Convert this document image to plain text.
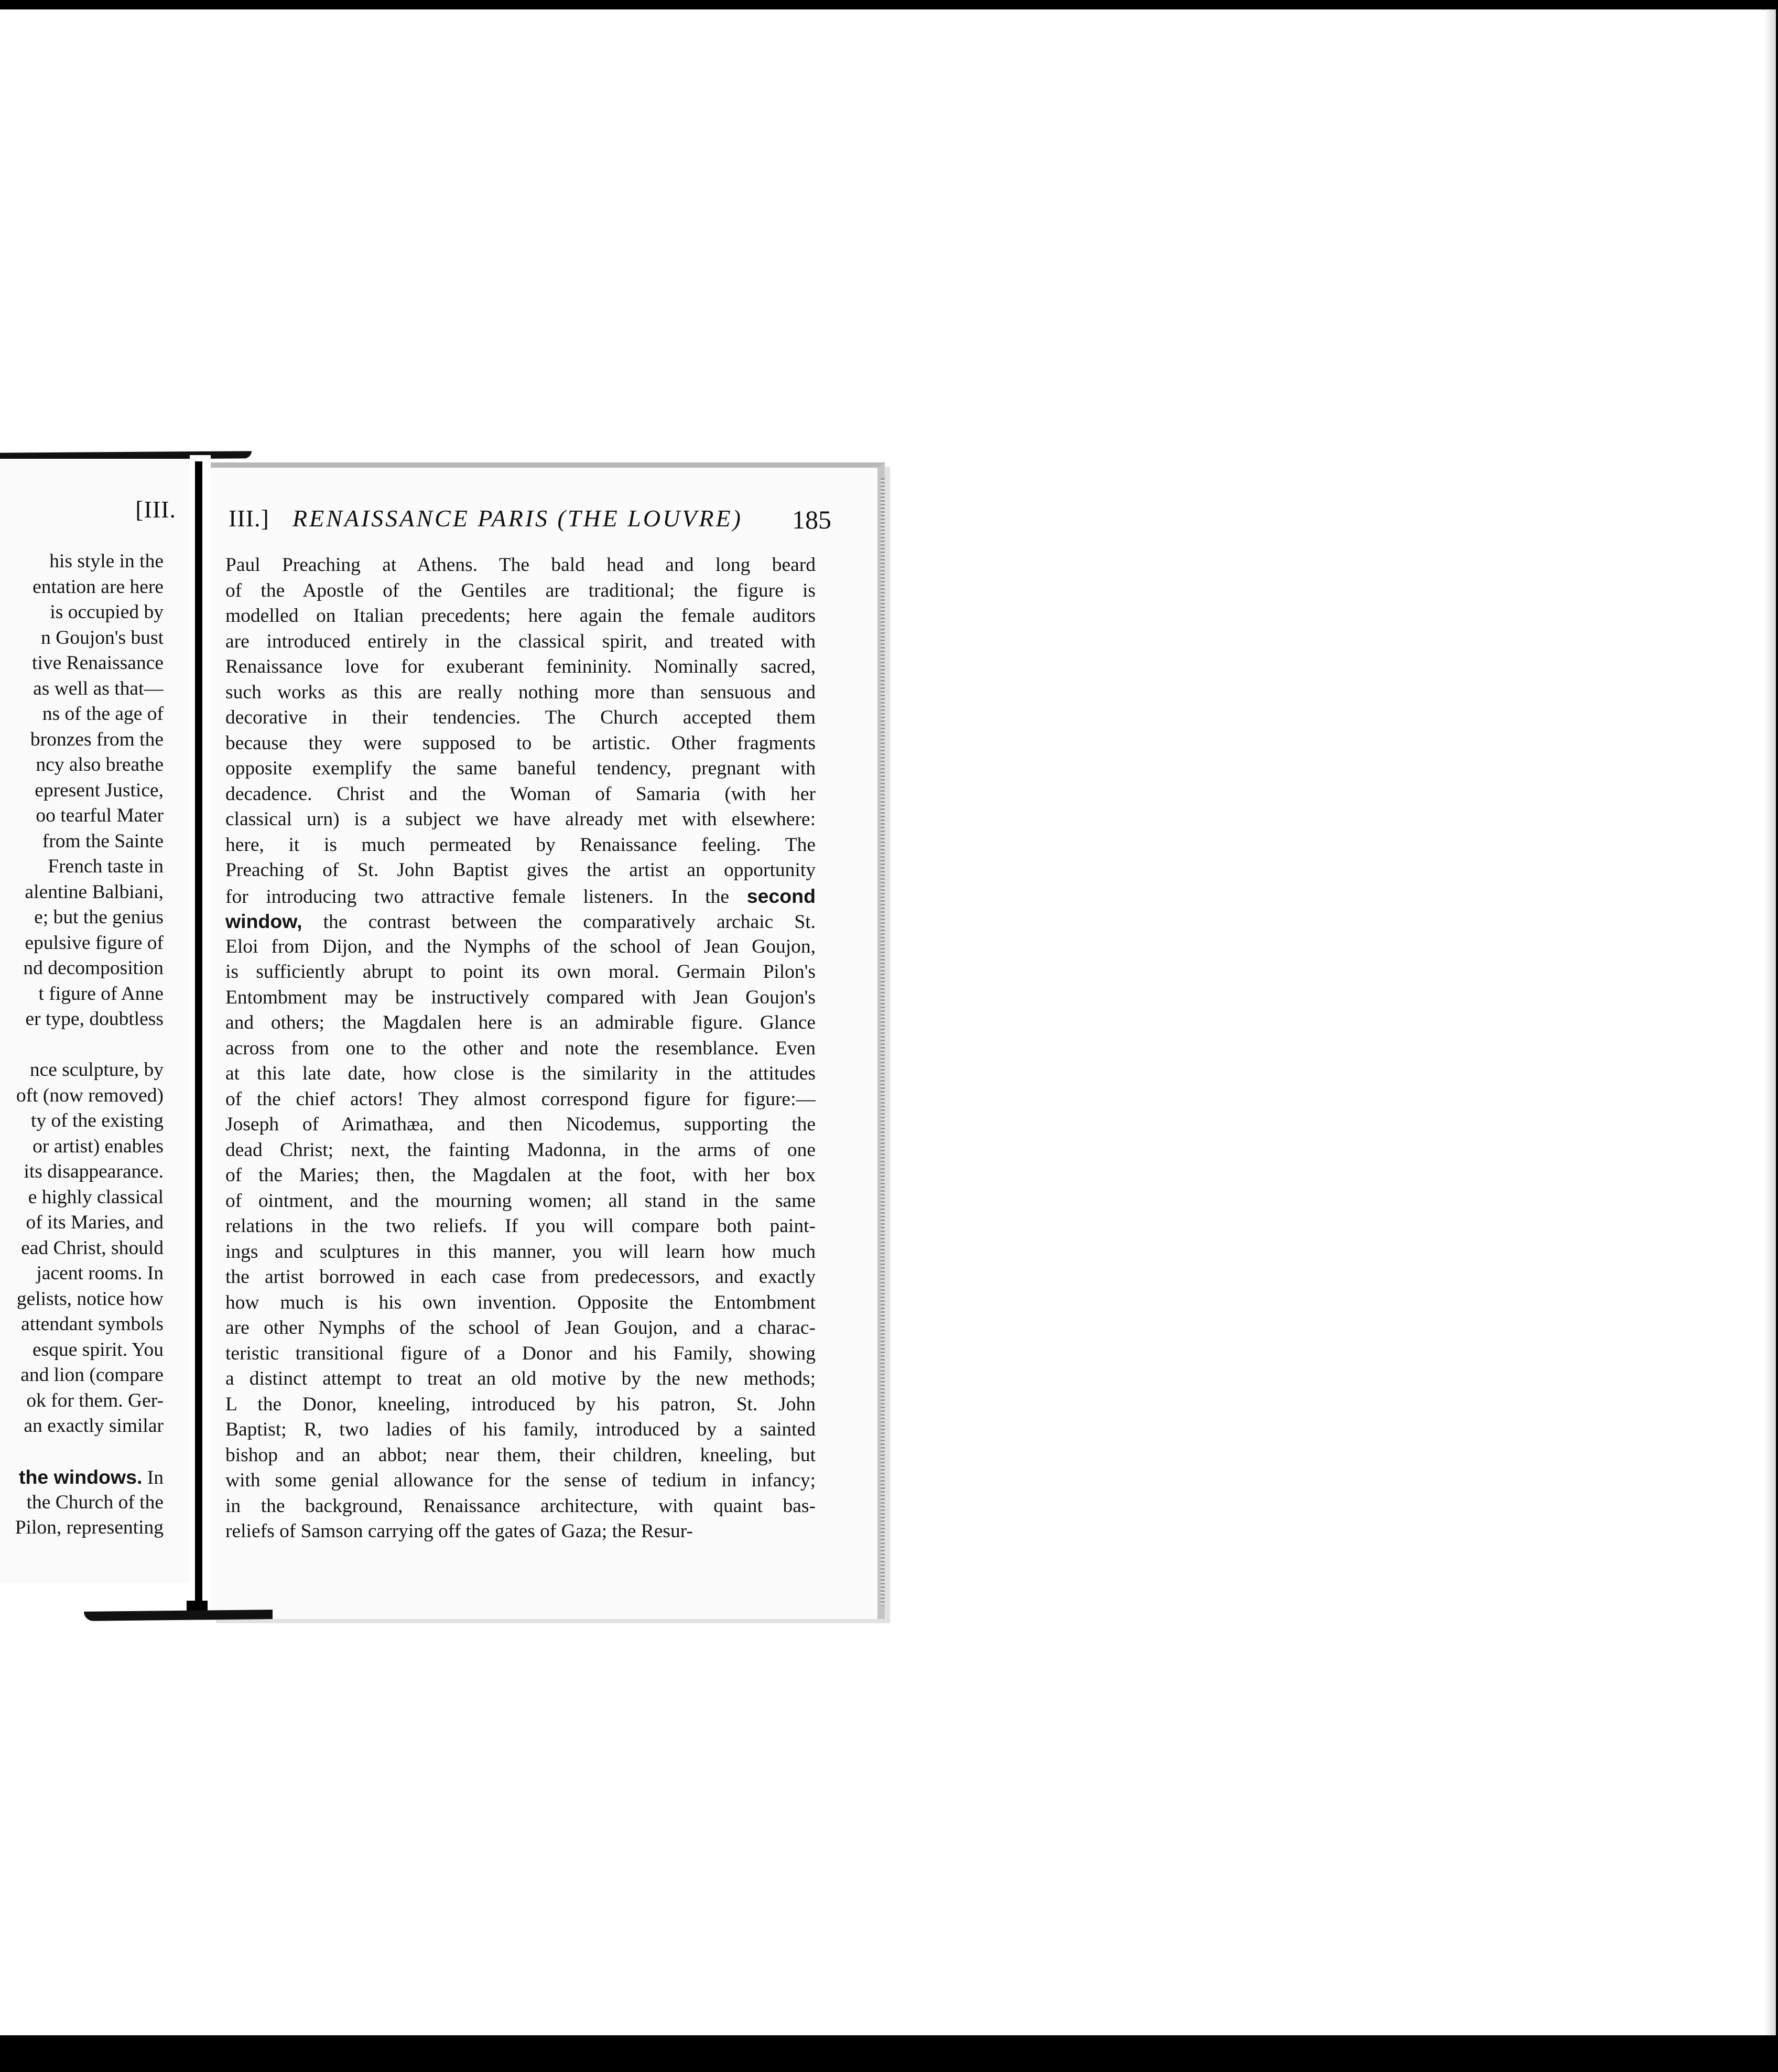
[III.
his style in the
entation are here
is occupied by
n Goujon's bust
tive Renaissance
as well as that—
ns of the age of
bronzes from the
ncy also breathe
epresent Justice,
oo tearful Mater
from the Sainte
French taste in
alentine Balbiani,
e; but the genius
epulsive figure of
nd decomposition
t figure of Anne
er type, doubtless
nce sculpture, by
oft (now removed)
ty of the existing
or artist) enables
its disappearance.
e highly classical
of its Maries, and
ead Christ, should
jacent rooms. In
gelists, notice how
attendant symbols
esque spirit. You
and lion (compare
ok for them. Ger-
an exactly similar
the windows. In
the Church of the
Pilon, representing
III.] RENAISSANCE PARIS (THE LOUVRE) 185
Paul Preaching at Athens. The bald head and long beard
of the Apostle of the Gentiles are traditional; the figure is
modelled on Italian precedents; here again the female auditors
are introduced entirely in the classical spirit, and treated with
Renaissance love for exuberant femininity. Nominally sacred,
such works as this are really nothing more than sensuous and
decorative in their tendencies. The Church accepted them
because they were supposed to be artistic. Other fragments
opposite exemplify the same baneful tendency, pregnant with
decadence. Christ and the Woman of Samaria (with her
classical urn) is a subject we have already met with elsewhere:
here, it is much permeated by Renaissance feeling. The
Preaching of St. John Baptist gives the artist an opportunity
for introducing two attractive female listeners. In the second
window, the contrast between the comparatively archaic St.
Eloi from Dijon, and the Nymphs of the school of Jean Goujon,
is sufficiently abrupt to point its own moral. Germain Pilon's
Entombment may be instructively compared with Jean Goujon's
and others; the Magdalen here is an admirable figure. Glance
across from one to the other and note the resemblance. Even
at this late date, how close is the similarity in the attitudes
of the chief actors! They almost correspond figure for figure:—
Joseph of Arimathæa, and then Nicodemus, supporting the
dead Christ; next, the fainting Madonna, in the arms of one
of the Maries; then, the Magdalen at the foot, with her box
of ointment, and the mourning women; all stand in the same
relations in the two reliefs. If you will compare both paint-
ings and sculptures in this manner, you will learn how much
the artist borrowed in each case from predecessors, and exactly
how much is his own invention. Opposite the Entombment
are other Nymphs of the school of Jean Goujon, and a charac-
teristic transitional figure of a Donor and his Family, showing
a distinct attempt to treat an old motive by the new methods;
L the Donor, kneeling, introduced by his patron, St. John
Baptist; R, two ladies of his family, introduced by a sainted
bishop and an abbot; near them, their children, kneeling, but
with some genial allowance for the sense of tedium in infancy;
in the background, Renaissance architecture, with quaint bas-
reliefs of Samson carrying off the gates of Gaza; the Resur-
